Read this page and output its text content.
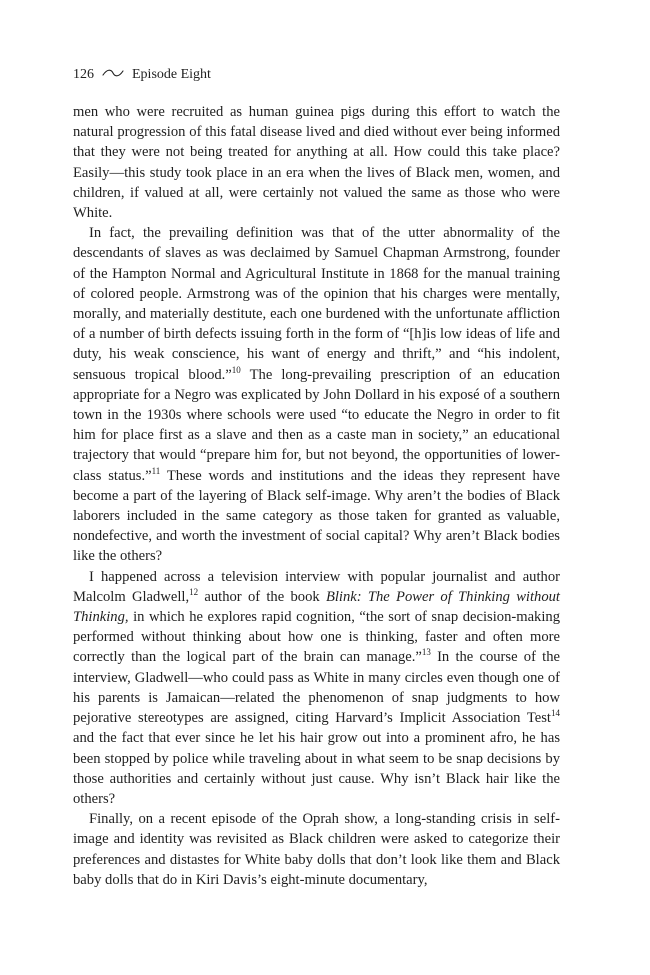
126	Episode Eight

men who were recruited as human guinea pigs during this effort to watch the natural progression of this fatal disease lived and died without ever being informed that they were not being treated for anything at all. How could this take place? Easily—this study took place in an era when the lives of Black men, women, and children, if valued at all, were certainly not valued the same as those who were White.

In fact, the prevailing definition was that of the utter abnormality of the descendants of slaves as was declaimed by Samuel Chapman Armstrong, founder of the Hampton Normal and Agricultural Institute in 1868 for the manual training of colored people. Armstrong was of the opinion that his charges were mentally, morally, and materially destitute, each one burdened with the unfortunate affliction of a number of birth defects issuing forth in the form of “[h]is low ideas of life and duty, his weak conscience, his want of energy and thrift,” and “his indolent, sensuous tropical blood.”$^{10}$ The long-prevailing prescription of an education appropriate for a Negro was explicated by John Dollard in his exposé of a southern town in the 1930s where schools were used “to educate the Negro in order to fit him for place first as a slave and then as a caste man in society,” an educational trajectory that would “prepare him for, but not beyond, the opportunities of lower-class status.”$^{11}$ These words and institutions and the ideas they represent have become a part of the layering of Black self-image. Why aren’t the bodies of Black laborers included in the same category as those taken for granted as valuable, nondefective, and worth the investment of social capital? Why aren’t Black bodies like the others?

I happened across a television interview with popular journalist and author Malcolm Gladwell,$^{12}$ author of the book Blink: The Power of Thinking without Thinking, in which he explores rapid cognition, “the sort of snap decision-making performed without thinking about how one is thinking, faster and often more correctly than the logical part of the brain can manage.”$^{13}$ In the course of the interview, Gladwell—who could pass as White in many circles even though one of his parents is Jamaican—related the phenomenon of snap judgments to how pejorative stereotypes are assigned, citing Harvard’s Implicit Association Test$^{14}$ and the fact that ever since he let his hair grow out into a prominent afro, he has been stopped by police while traveling about in what seem to be snap decisions by those authorities and certainly without just cause. Why isn’t Black hair like the others?

Finally, on a recent episode of the Oprah show, a long-standing crisis in self-image and identity was revisited as Black children were asked to categorize their preferences and distastes for White baby dolls that don’t look like them and Black baby dolls that do in Kiri Davis’s eight-minute documentary,
